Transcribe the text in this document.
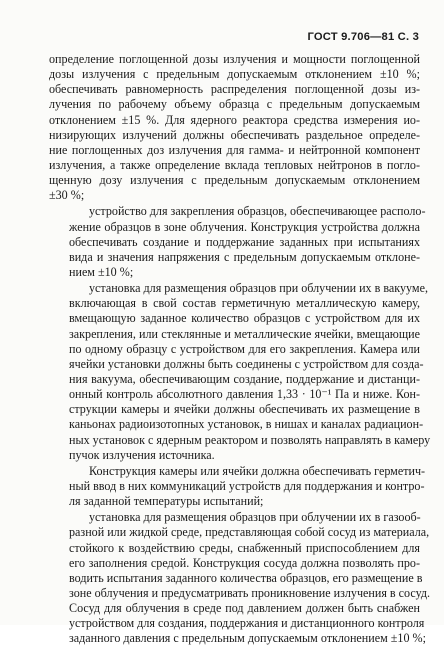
ГОСТ 9.706—81 С. 3
определение поглощенной дозы излучения и мощности поглощенной
дозы излучения с предельным допускаемым отклонением ±10 %;
обеспечивать равномерность распределения поглощенной дозы из-
лучения по рабочему объему образца с предельным допускаемым
отклонением ±15 %. Для ядерного реактора средства измерения ио-
низирующих излучений должны обеспечивать раздельное определе-
ние поглощенных доз излучения для гамма- и нейтронной компонент
излучения, а также определение вклада тепловых нейтронов в погло-
щенную дозу излучения с предельным допускаемым отклонением
±30 %;
устройство для закрепления образцов, обеспечивающее располо-
жение образцов в зоне облучения. Конструкция устройства должна
обеспечивать создание и поддержание заданных при испытаниях
вида и значения напряжения с предельным допускаемым отклоне-
нием ±10 %;
установка для размещения образцов при облучении их в вакууме,
включающая в свой состав герметичную металлическую камеру,
вмещающую заданное количество образцов с устройством для их
закрепления, или стеклянные и металлические ячейки, вмещающие
по одному образцу с устройством для его закрепления. Камера или
ячейки установки должны быть соединены с устройством для созда-
ния вакуума, обеспечивающим создание, поддержание и дистанци-
онный контроль абсолютного давления 1,33 · 10⁻¹ Па и ниже. Кон-
струкции камеры и ячейки должны обеспечивать их размещение в
каньонах радиоизотопных установок, в нишах и каналах радиацион-
ных установок с ядерным реактором и позволять направлять в камеру
пучок излучения источника.
Конструкция камеры или ячейки должна обеспечивать герметич-
ный ввод в них коммуникаций устройств для поддержания и контро-
ля заданной температуры испытаний;
установка для размещения образцов при облучении их в газооб-
разной или жидкой среде, представляющая собой сосуд из материала,
стойкого к воздействию среды, снабженный приспособлением для
его заполнения средой. Конструкция сосуда должна позволять про-
водить испытания заданного количества образцов, его размещение в
зоне облучения и предусматривать проникновение излучения в сосуд.
Сосуд для облучения в среде под давлением должен быть снабжен
устройством для создания, поддержания и дистанционного контроля
заданного давления с предельным допускаемым отклонением ±10 %;
